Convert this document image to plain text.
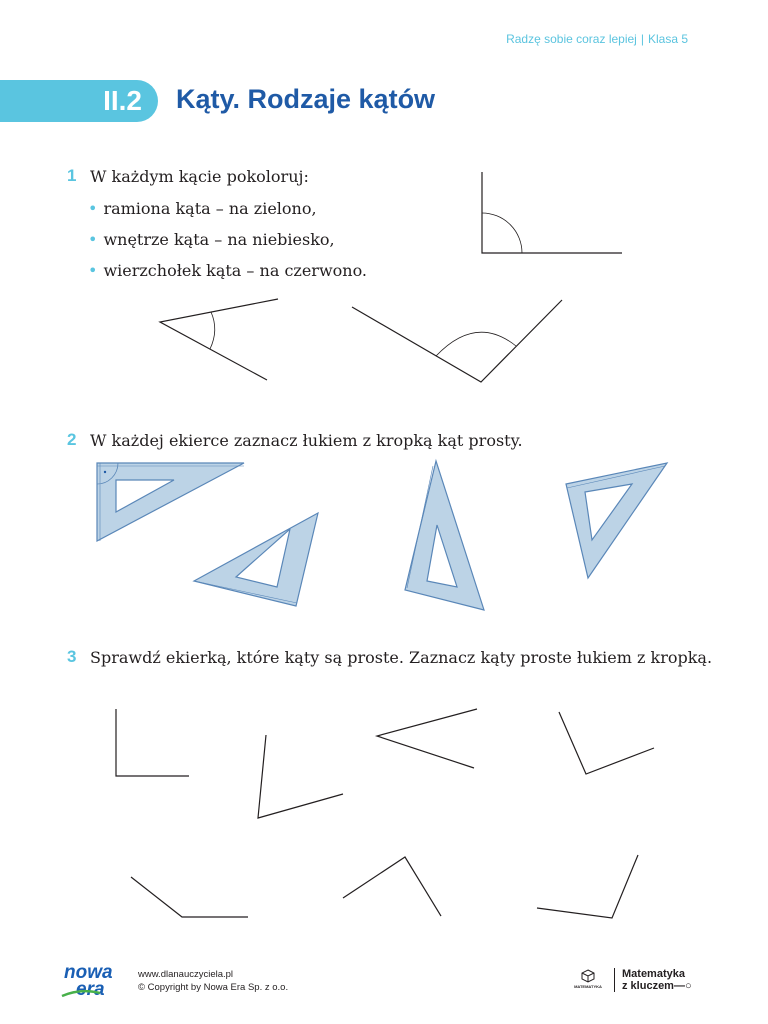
Radzę sobie coraz lepiej | Klasa 5
II.2 Kąty. Rodzaje kątów
1 W każdym kącie pokoloruj:
• ramiona kąta – na zielono,
• wnętrze kąta – na niebiesko,
• wierzchołek kąta – na czerwono.
2 W każdej ekierce zaznacz łukiem z kropką kąt prosty.
3 Sprawdź ekierką, które kąty są proste. Zaznacz kąty proste łukiem z kropką.
nowa
era
www.dlanauczyciela.pl
© Copyright by Nowa Era Sp. z o.o.	MATEMATYKA
Matematyka
z kluczem—○
